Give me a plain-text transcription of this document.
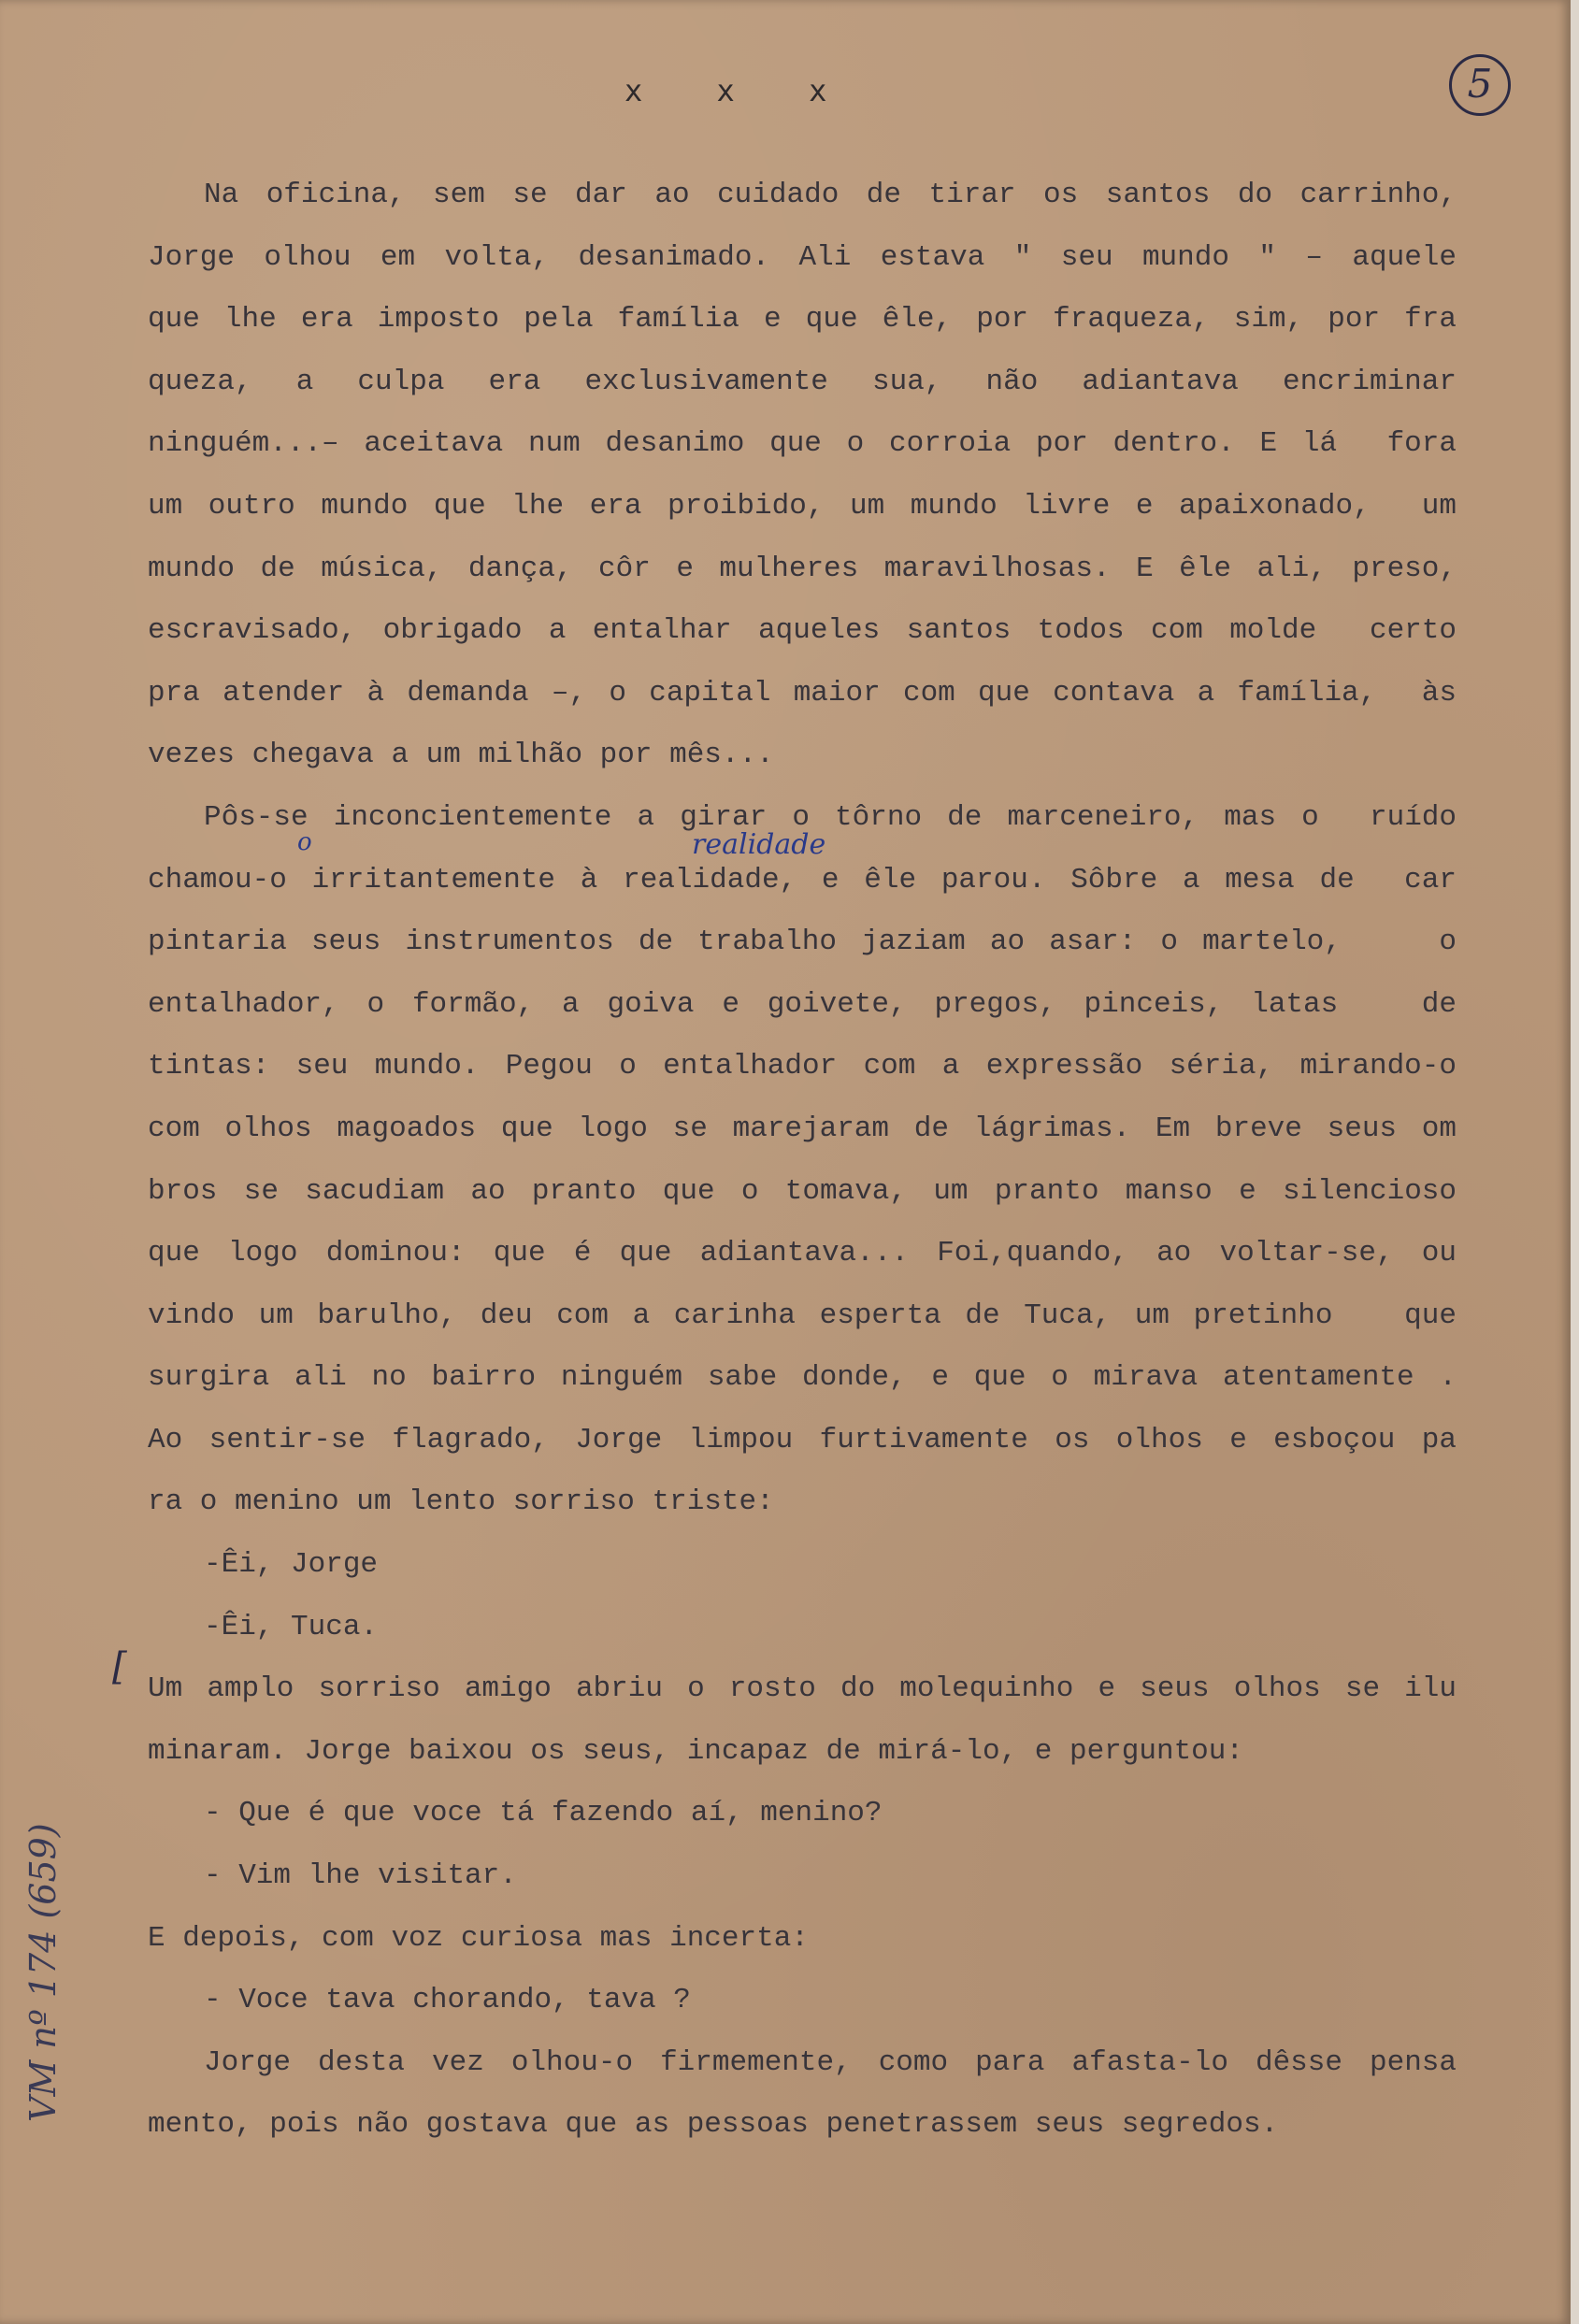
x x x	5
o	realidade
[
Na oficina, sem se dar ao cuidado de tirar os santos do carrinho,
Jorge olhou em volta, desanimado. Ali estava " seu mundo " – aquele
que lhe era imposto pela família e que êle, por fraqueza, sim, por fra
queza, a culpa era exclusivamente sua, não adiantava encriminar
ninguém...– aceitava num desanimo que o corroia por dentro. E lá  fora
um outro mundo que lhe era proibido, um mundo livre e apaixonado,  um
mundo de música, dança, côr e mulheres maravilhosas. E êle ali, preso,
escravisado, obrigado a entalhar aqueles santos todos com molde  certo
pra atender à demanda –, o capital maior com que contava a família,  às
vezes chegava a um milhão por mês...
Pôs-se inconcientemente a girar o tôrno de marceneiro, mas o  ruído
chamou-o irritantemente à realidade, e êle parou. Sôbre a mesa de  car
pintaria seus instrumentos de trabalho jaziam ao asar: o martelo,    o
entalhador, o formão, a goiva e goivete, pregos, pinceis, latas   de
tintas: seu mundo. Pegou o entalhador com a expressão séria, mirando-o
com olhos magoados que logo se marejaram de lágrimas. Em breve seus om
bros se sacudiam ao pranto que o tomava, um pranto manso e silencioso
que logo dominou: que é que adiantava... Foi,quando, ao voltar-se, ou
vindo um barulho, deu com a carinha esperta de Tuca, um pretinho   que
surgira ali no bairro ninguém sabe donde, e que o mirava atentamente .
Ao sentir-se flagrado, Jorge limpou furtivamente os olhos e esboçou pa
ra o menino um lento sorriso triste:
-Êi, Jorge
-Êi, Tuca.
Um amplo sorriso amigo abriu o rosto do molequinho e seus olhos se ilu
minaram. Jorge baixou os seus, incapaz de mirá-lo, e perguntou:
- Que é que voce tá fazendo aí, menino?
- Vim lhe visitar.
E depois, com voz curiosa mas incerta:
- Voce tava chorando, tava ?
Jorge desta vez olhou-o firmemente, como para afasta-lo dêsse pensa
mento, pois não gostava que as pessoas penetrassem seus segredos.
VM nº 174 (659)
